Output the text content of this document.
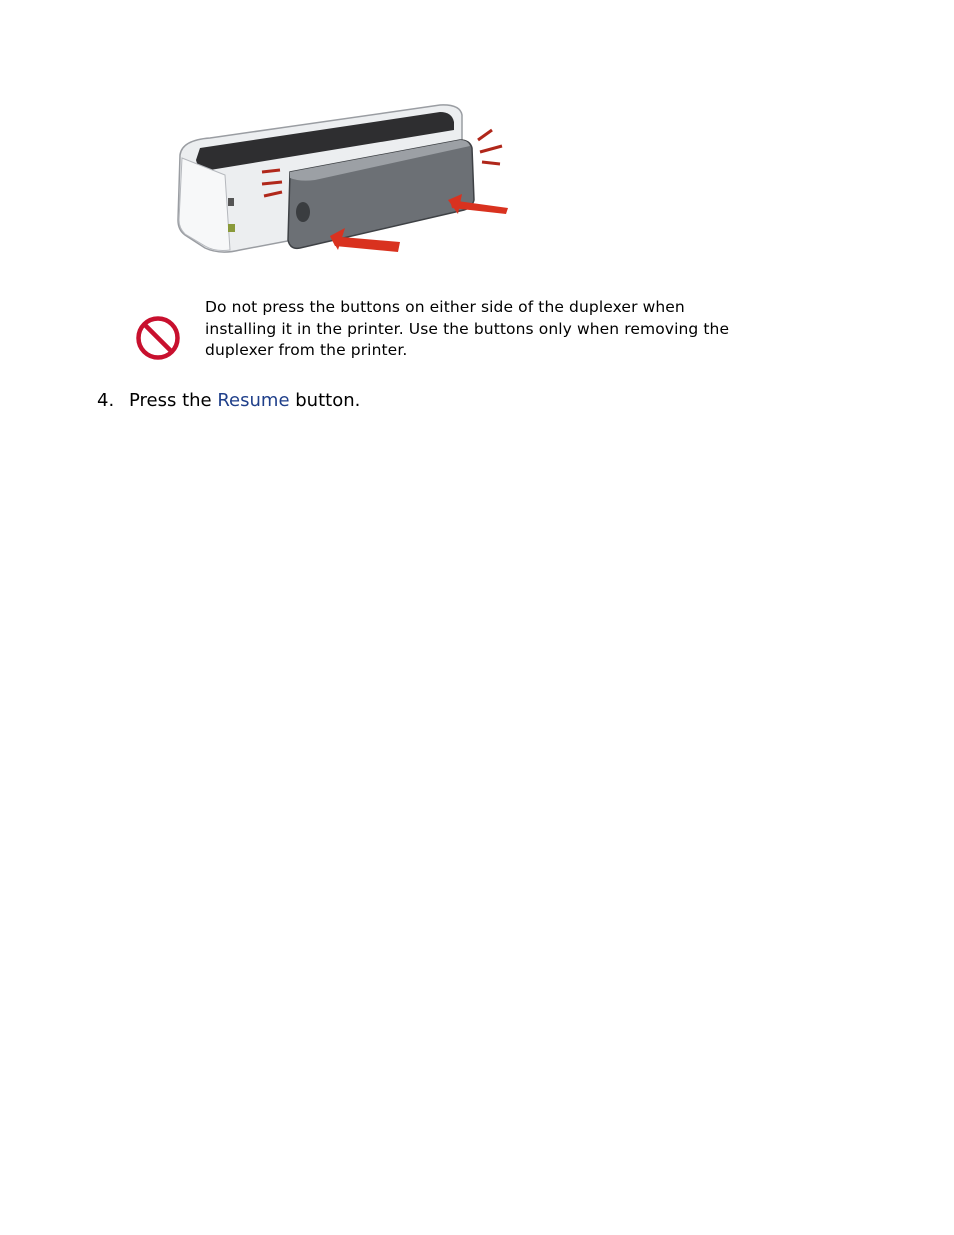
Do not press the buttons on either side of the duplexer when installing it in the printer. Use the buttons only when removing the duplexer from the printer.
4. Press the Resume button.
